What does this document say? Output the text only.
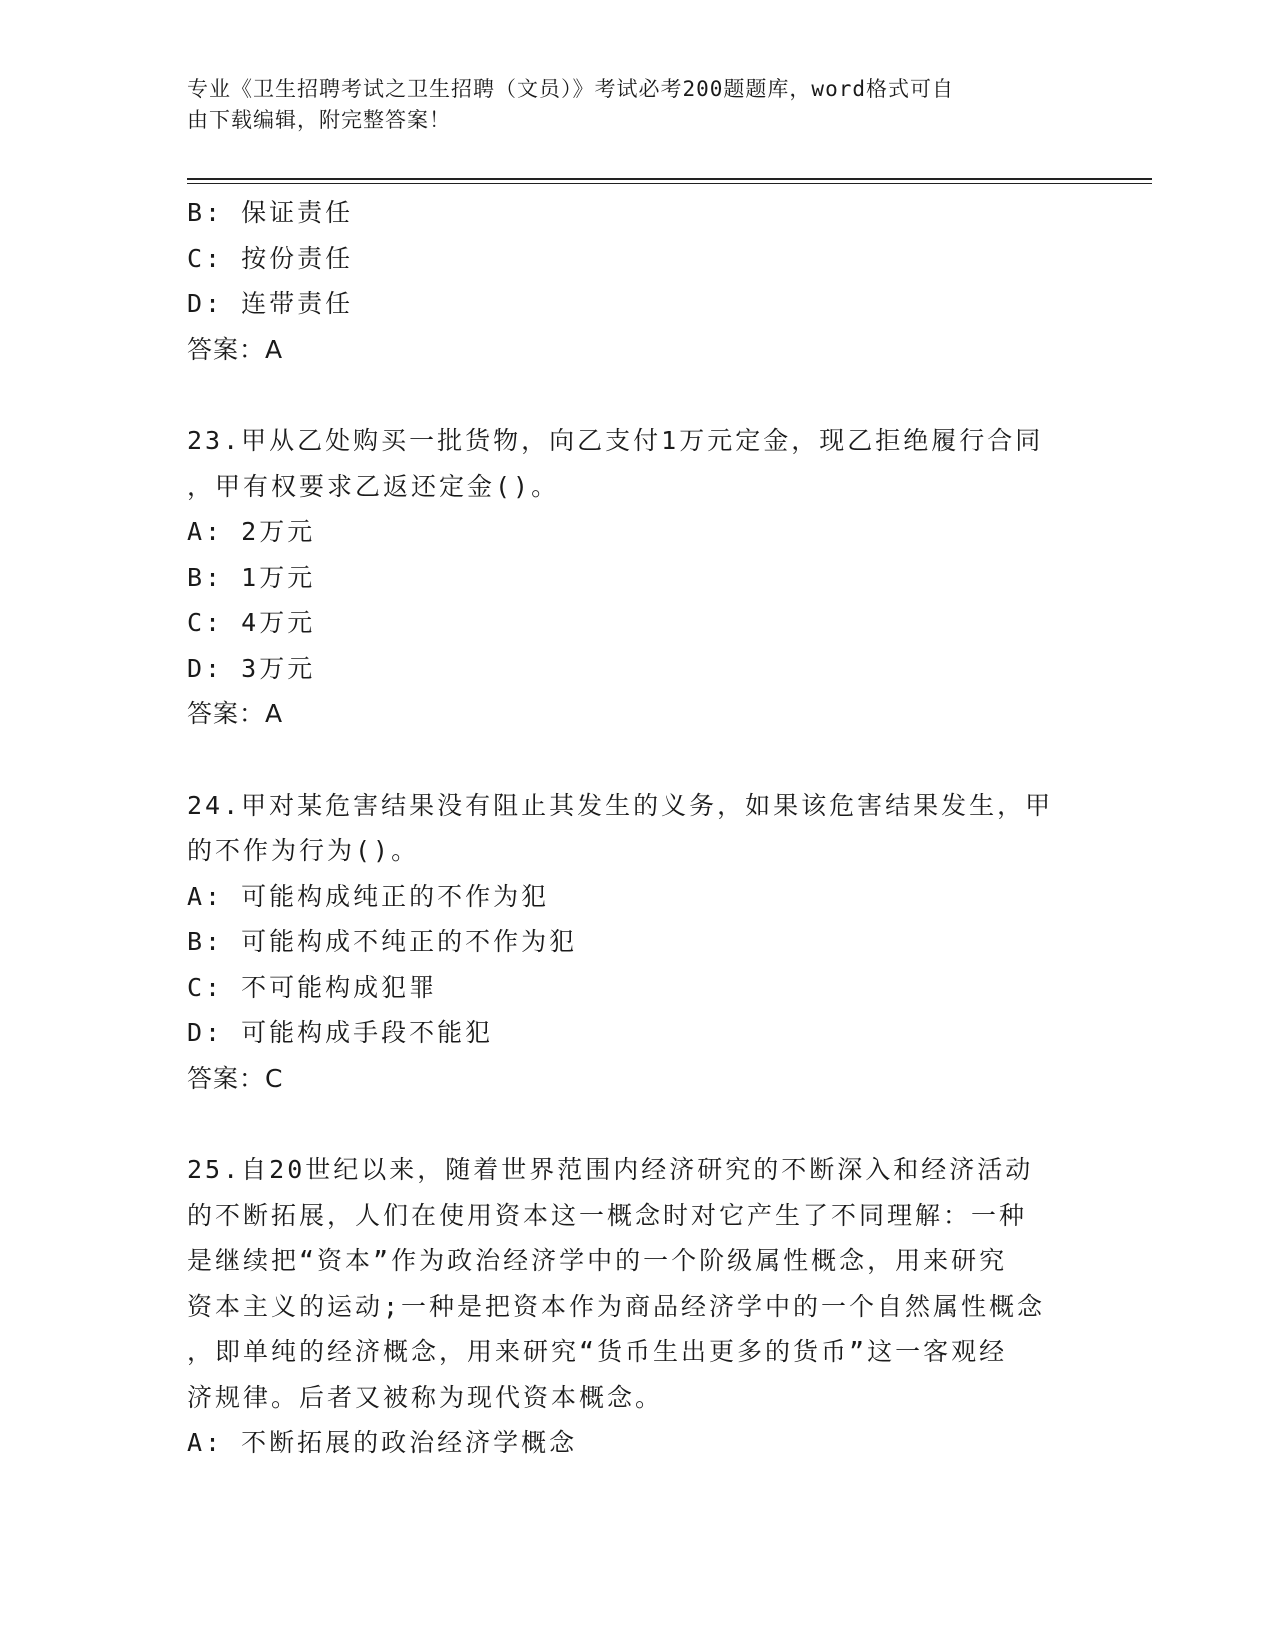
专业《卫生招聘考试之卫生招聘（文员）》考试必考200题题库，word格式可自
由下载编辑，附完整答案！
B: 保证责任
C: 按份责任
D: 连带责任
答案：A
23.甲从乙处购买一批货物，向乙支付1万元定金，现乙拒绝履行合同
，甲有权要求乙返还定金()。
A: 2万元
B: 1万元
C: 4万元
D: 3万元
答案：A
24.甲对某危害结果没有阻止其发生的义务，如果该危害结果发生，甲
的不作为行为()。
A: 可能构成纯正的不作为犯
B: 可能构成不纯正的不作为犯
C: 不可能构成犯罪
D: 可能构成手段不能犯
答案：C
25.自20世纪以来，随着世界范围内经济研究的不断深入和经济活动
的不断拓展，人们在使用资本这一概念时对它产生了不同理解：一种
是继续把“资本”作为政治经济学中的一个阶级属性概念，用来研究
资本主义的运动;一种是把资本作为商品经济学中的一个自然属性概念
，即单纯的经济概念，用来研究“货币生出更多的货币”这一客观经
济规律。后者又被称为现代资本概念。
A: 不断拓展的政治经济学概念
